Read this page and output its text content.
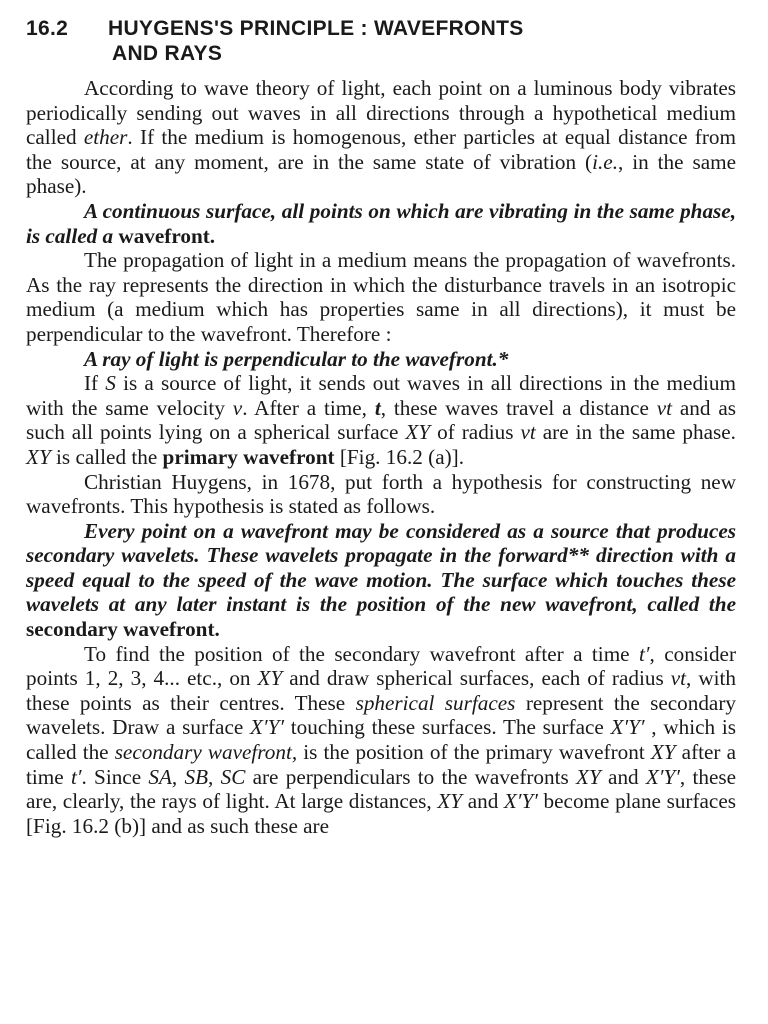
16.2 HUYGENS'S PRINCIPLE : WAVEFRONTS
AND RAYS

According to wave theory of light, each point on a luminous body vibrates periodically sending out waves in all directions through a hypothetical medium called ether. If the medium is homogenous, ether particles at equal distance from the source, at any moment, are in the same state of vibration (i.e., in the same phase).

A continuous surface, all points on which are vibrating in the same phase, is called a wavefront.

The propagation of light in a medium means the propagation of wavefronts. As the ray represents the direction in which the disturbance travels in an isotropic medium (a medium which has properties same in all directions), it must be perpendicular to the wavefront. Therefore :

A ray of light is perpendicular to the wavefront.*

If S is a source of light, it sends out waves in all directions in the medium with the same velocity v. After a time, t, these waves travel a distance vt and as such all points lying on a spherical surface XY of radius vt are in the same phase. XY is called the primary wavefront [Fig. 16.2 (a)].

Christian Huygens, in 1678, put forth a hypothesis for constructing new wavefronts. This hypothesis is stated as follows.

Every point on a wavefront may be considered as a source that produces secondary wavelets. These wavelets propagate in the forward** direction with a speed equal to the speed of the wave motion. The surface which touches these wavelets at any later instant is the position of the new wavefront, called the secondary wavefront.

To find the position of the secondary wavefront after a time t′, consider points 1, 2, 3, 4... etc., on XY and draw spherical surfaces, each of radius vt, with these points as their centres. These spherical surfaces represent the secondary wavelets. Draw a surface X′Y′ touching these surfaces. The surface X′Y′ , which is called the secondary wavefront, is the position of the primary wavefront XY after a time t′. Since SA, SB, SC are perpendiculars to the wavefronts XY and X′Y′, these are, clearly, the rays of light. At large distances, XY and X′Y′ become plane surfaces [Fig. 16.2 (b)] and as such these are
